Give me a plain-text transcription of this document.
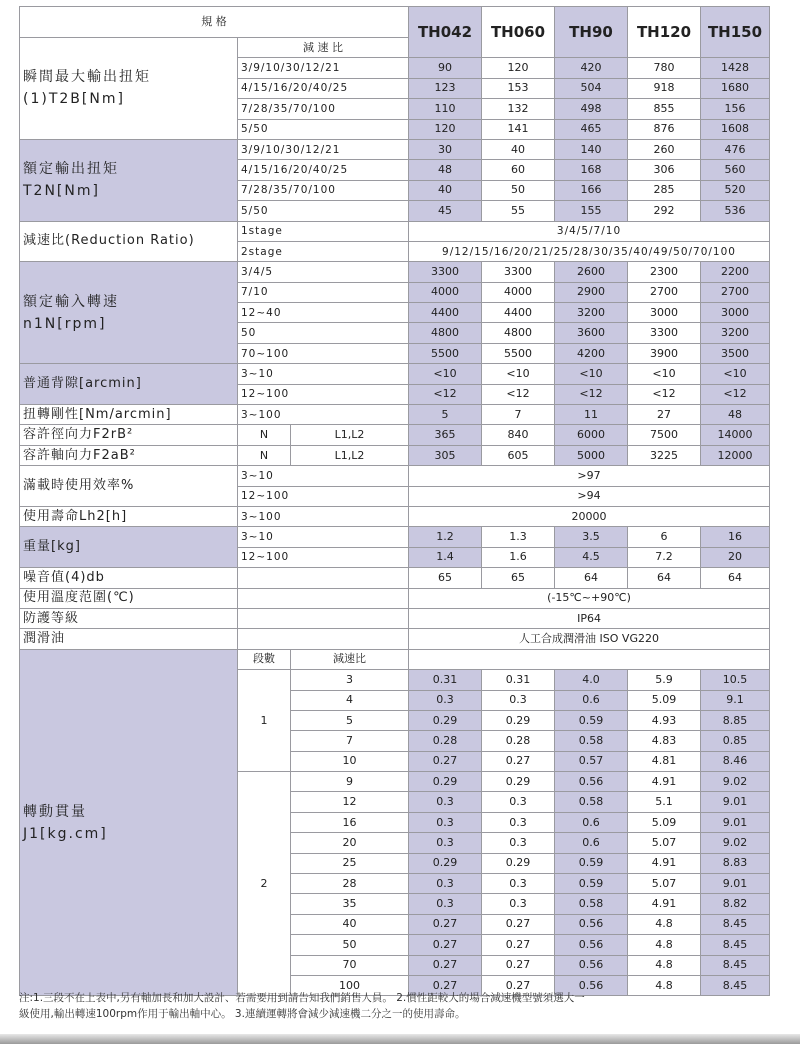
規 格			TH042	TH060	TH90	TH120	TH150

瞬間最大輸出扭矩
(1)T2B[Nm]	減 速 比						
	3/9/10/30/12/21		90	120	420	780	1428
	4/15/16/20/40/25		123	153	504	918	1680
	7/28/35/70/100		110	132	498	855	156
	5/50		120	141	465	876	1608

額定輸出扭矩
T2N[Nm]	3/9/10/30/12/21		30	40	140	260	476
	4/15/16/20/40/25		48	60	168	306	560
	7/28/35/70/100		40	50	166	285	520
	5/50		45	55	155	292	536
減速比(Reduction Ratio)	1stage		3/4/5/7/10				
	2stage		9/12/15/16/20/21/25/28/30/35/40/49/50/70/100				

額定輸入轉速
n1N[rpm]	3/4/5		3300	3300	2600	2300	2200
	7/10		4000	4000	2900	2700	2700
	12~40		4400	4400	3200	3000	3000
	50		4800	4800	3600	3300	3200
	70~100		5500	5500	4200	3900	3500
普通背隙[arcmin]	3~10		<10	<10	<10	<10	<10
	12~100		<12	<12	<12	<12	<12
扭轉剛性[Nm/arcmin]	3~100		5	7	11	27	48
容許徑向力F2rB²	N	L1,L2	365	840	6000	7500	14000
容許軸向力F2aB²	N	L1,L2	305	605	5000	3225	12000
滿載時使用效率%	3~10		>97				
	12~100		>94				
使用壽命Lh2[h]	3~100		20000				
重量[kg]	3~10		1.2	1.3	3.5	6	16
	12~100		1.4	1.6	4.5	7.2	20
噪音值(4)db			65	65	64	64	64
使用溫度范圍(℃)			(-15℃~+90℃)				
防護等級			IP64				
潤滑油			人工合成潤滑油 ISO VG220				

轉動貫量
J1[kg.cm]	段數	減速比					
	1	3	0.31	0.31	4.0	5.9	10.5
		4	0.3	0.3	0.6	5.09	9.1
		5	0.29	0.29	0.59	4.93	8.85
		7	0.28	0.28	0.58	4.83	0.85
		10	0.27	0.27	0.57	4.81	8.46
	2	9	0.29	0.29	0.56	4.91	9.02
		12	0.3	0.3	0.58	5.1	9.01
		16	0.3	0.3	0.6	5.09	9.01
		20	0.3	0.3	0.6	5.07	9.02
		25	0.29	0.29	0.59	4.91	8.83
		28	0.3	0.3	0.59	5.07	9.01
		35	0.3	0.3	0.58	4.91	8.82
		40	0.27	0.27	0.56	4.8	8.45
		50	0.27	0.27	0.56	4.8	8.45
		70	0.27	0.27	0.56	4.8	8.45
		100	0.27	0.27	0.56	4.8	8.45
注:1.三段不在上表中,另有軸加長和加大設計、若需要用到請告知我們銷售人員。 2.慣性距較大的場合減速機型號須選大一
級使用,輸出轉速100rpm作用于輸出軸中心。 3.連續運轉將會減少減速機二分之一的使用壽命。
